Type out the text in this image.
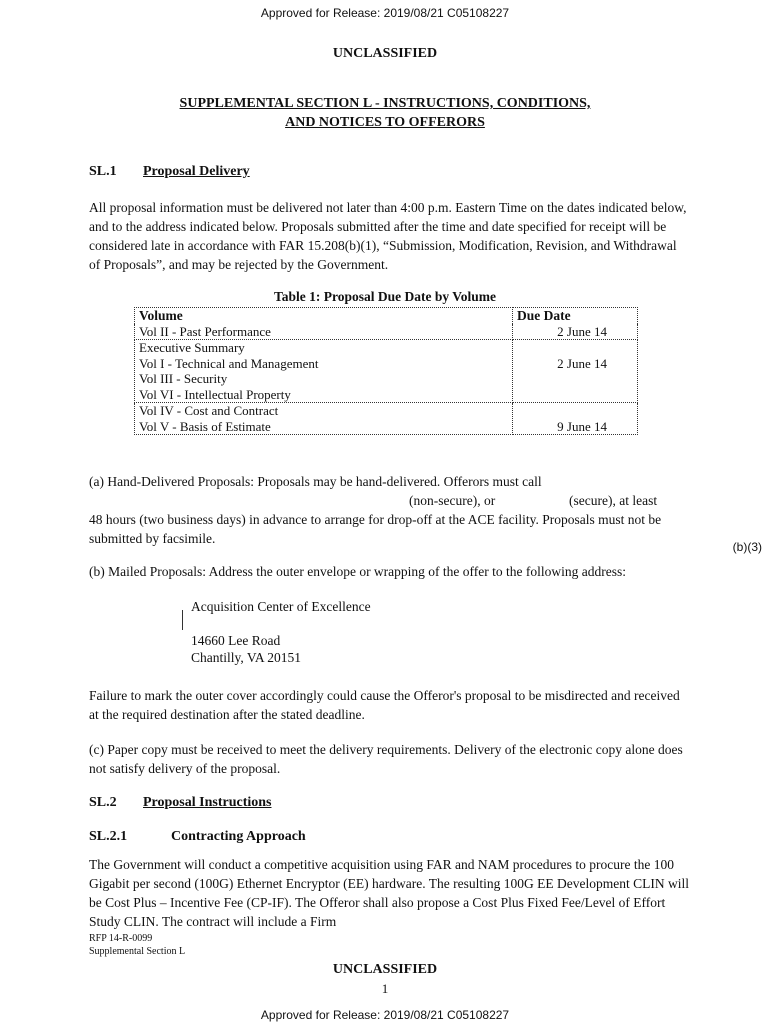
Approved for Release: 2019/08/21 C05108227
UNCLASSIFIED
SUPPLEMENTAL SECTION L - INSTRUCTIONS, CONDITIONS,
AND NOTICES TO OFFERORS
SL.1 Proposal Delivery

All proposal information must be delivered not later than 4:00 p.m. Eastern Time on the dates indicated below, and to the address indicated below. Proposals submitted after the time and date specified for receipt will be considered late in accordance with FAR 15.208(b)(1), “Submission, Modification, Revision, and Withdrawal of Proposals”, and may be rejected by the Government.

Table 1: Proposal Due Date by Volume
Volume	Due Date

Vol II - Past Performance	2 June 14

Executive Summary
Vol I - Technical and Management
Vol III - Security
Vol VI - Intellectual Property	2 June 14

Vol IV - Cost and Contract
Vol V - Basis of Estimate	9 June 14

(a) Hand-Delivered Proposals: Proposals may be hand-delivered. Offerors must call

(non-secure), or	(secure), at least

48 hours (two business days) in advance to arrange for drop-off at the ACE facility. Proposals must not be submitted by facsimile.

(b)(3)

(b) Mailed Proposals: Address the outer envelope or wrapping of the offer to the following address:

Acquisition Center of Excellence
14660 Lee Road
Chantilly, VA 20151

Failure to mark the outer cover accordingly could cause the Offeror's proposal to be misdirected and received at the required destination after the stated deadline.

(c) Paper copy must be received to meet the delivery requirements. Delivery of the electronic copy alone does not satisfy delivery of the proposal.

SL.2 Proposal Instructions
SL.2.1	Contracting Approach

The Government will conduct a competitive acquisition using FAR and NAM procedures to procure the 100 Gigabit per second (100G) Ethernet Encryptor (EE) hardware. The resulting 100G EE Development CLIN will be Cost Plus – Incentive Fee (CP-IF). The Offeror shall also propose a Cost Plus Fixed Fee/Level of Effort Study CLIN. The contract will include a Firm

RFP 14-R-0099
Supplemental Section L
UNCLASSIFIED
1
Approved for Release: 2019/08/21 C05108227
